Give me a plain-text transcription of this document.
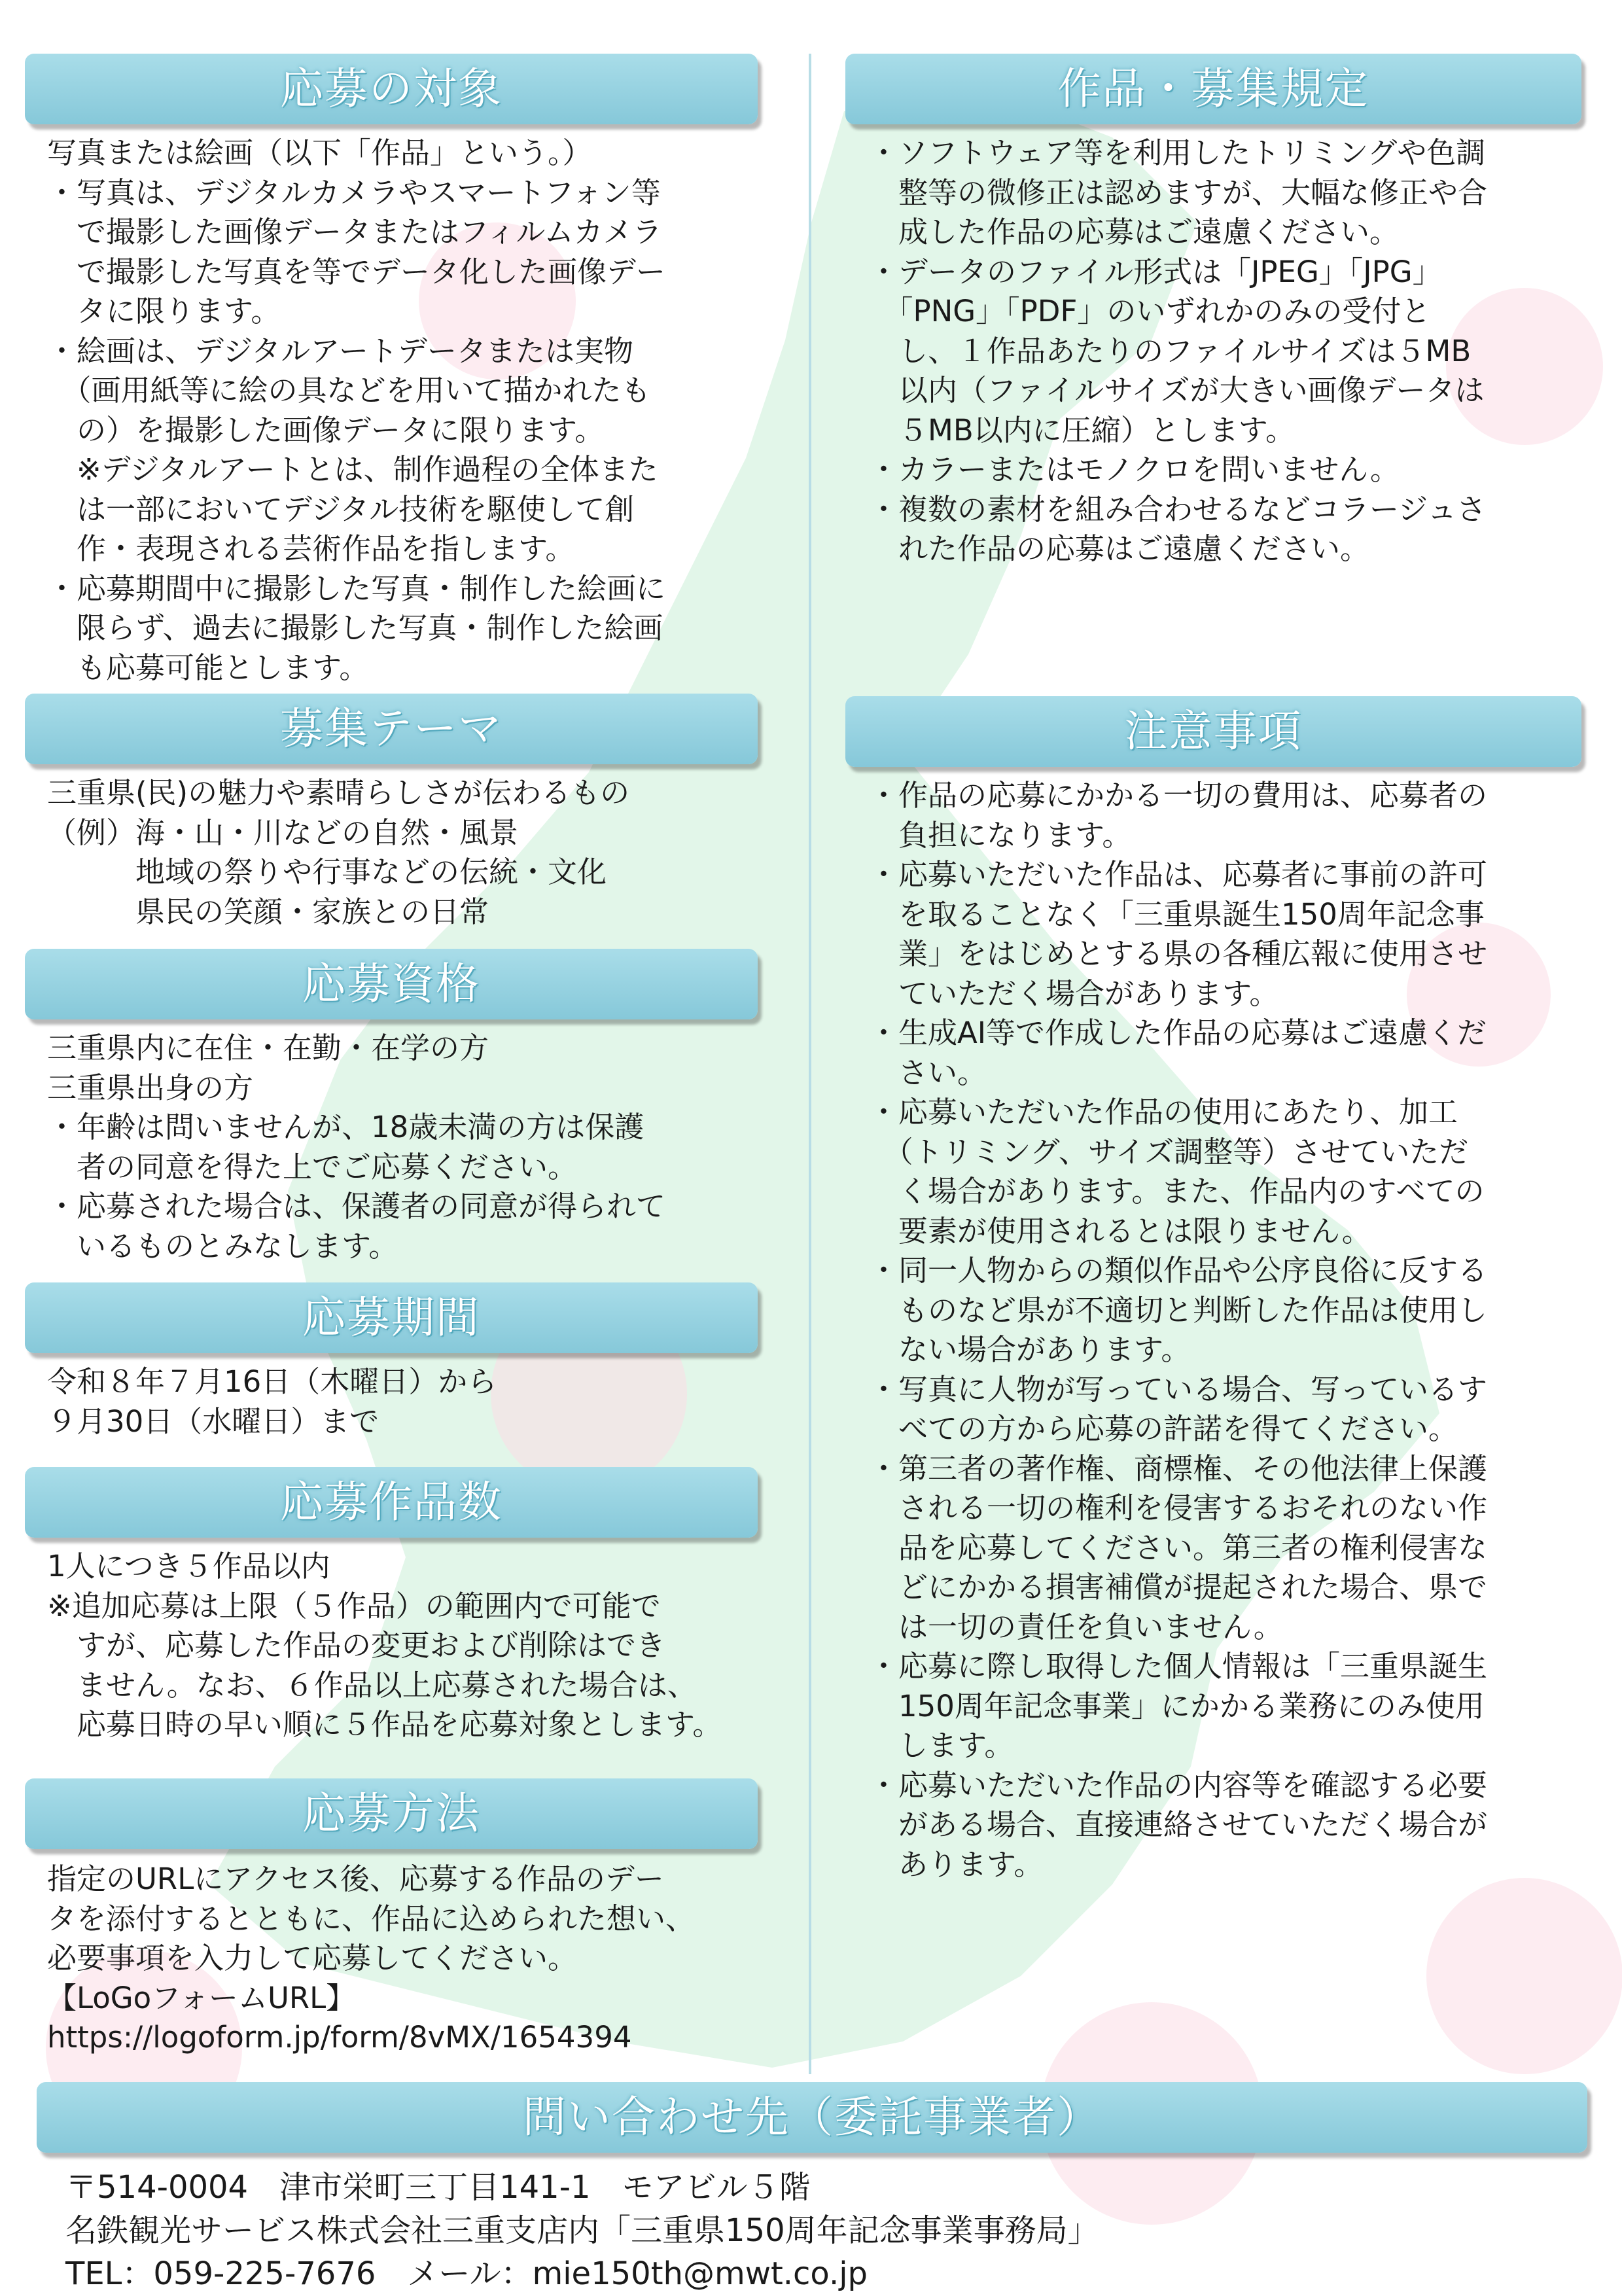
応募の対象
写真または絵画（以下「作品」という。）
・写真は、デジタルカメラやスマートフォン等
　で撮影した画像データまたはフィルムカメラ
　で撮影した写真を等でデータ化した画像デー
　タに限ります。
・絵画は、デジタルアートデータまたは実物
　（画用紙等に絵の具などを用いて描かれたも
　の）を撮影した画像データに限ります。
　※デジタルアートとは、制作過程の全体また
　は一部においてデジタル技術を駆使して創
　作・表現される芸術作品を指します。
・応募期間中に撮影した写真・制作した絵画に
　限らず、過去に撮影した写真・制作した絵画
　も応募可能とします。
募集テーマ
三重県(民)の魅力や素晴らしさが伝わるもの
（例）海・山・川などの自然・風景
　　　地域の祭りや行事などの伝統・文化
　　　県民の笑顔・家族との日常
応募資格
三重県内に在住・在勤・在学の方
三重県出身の方
・年齢は問いませんが、18歳未満の方は保護
　者の同意を得た上でご応募ください。
・応募された場合は、保護者の同意が得られて
　いるものとみなします。
応募期間
令和８年７月16日（木曜日）から
９月30日（水曜日）まで
応募作品数
1人につき５作品以内
※追加応募は上限（５作品）の範囲内で可能で
　すが、応募した作品の変更および削除はでき
　ません。なお、６作品以上応募された場合は、
　応募日時の早い順に５作品を応募対象とします。
応募方法
指定のURLにアクセス後、応募する作品のデー
タを添付するとともに、作品に込められた想い、
必要事項を入力して応募してください。
【LoGoフォームURL】
https://logoform.jp/form/8vMX/1654394
作品・募集規定
・ソフトウェア等を利用したトリミングや色調
　整等の微修正は認めますが、大幅な修正や合
　成した作品の応募はご遠慮ください。
・データのファイル形式は「JPEG」「JPG」
　「PNG」「PDF」のいずれかのみの受付と
　し、１作品あたりのファイルサイズは５MB
　以内（ファイルサイズが大きい画像データは
　５MB以内に圧縮）とします。
・カラーまたはモノクロを問いません。
・複数の素材を組み合わせるなどコラージュさ
　れた作品の応募はご遠慮ください。
注意事項
・作品の応募にかかる一切の費用は、応募者の
　負担になります。
・応募いただいた作品は、応募者に事前の許可
　を取ることなく「三重県誕生150周年記念事
　業」をはじめとする県の各種広報に使用させ
　ていただく場合があります。
・生成AI等で作成した作品の応募はご遠慮くだ
　さい。
・応募いただいた作品の使用にあたり、加工
　（トリミング、サイズ調整等）させていただ
　く場合があります。また、作品内のすべての
　要素が使用されるとは限りません。
・同一人物からの類似作品や公序良俗に反する
　ものなど県が不適切と判断した作品は使用し
　ない場合があります。
・写真に人物が写っている場合、写っているす
　べての方から応募の許諾を得てください。
・第三者の著作権、商標権、その他法律上保護
　される一切の権利を侵害するおそれのない作
　品を応募してください。第三者の権利侵害な
　どにかかる損害補償が提起された場合、県で
　は一切の責任を負いません。
・応募に際し取得した個人情報は「三重県誕生
　150周年記念事業」にかかる業務にのみ使用
　します。
・応募いただいた作品の内容等を確認する必要
　がある場合、直接連絡させていただく場合が
　あります。
問い合わせ先（委託事業者）
〒514-0004　津市栄町三丁目141-1　モアビル５階
名鉄観光サービス株式会社三重支店内「三重県150周年記念事業事務局」
TEL：059-225-7676　メール：mie150th@mwt.co.jp
